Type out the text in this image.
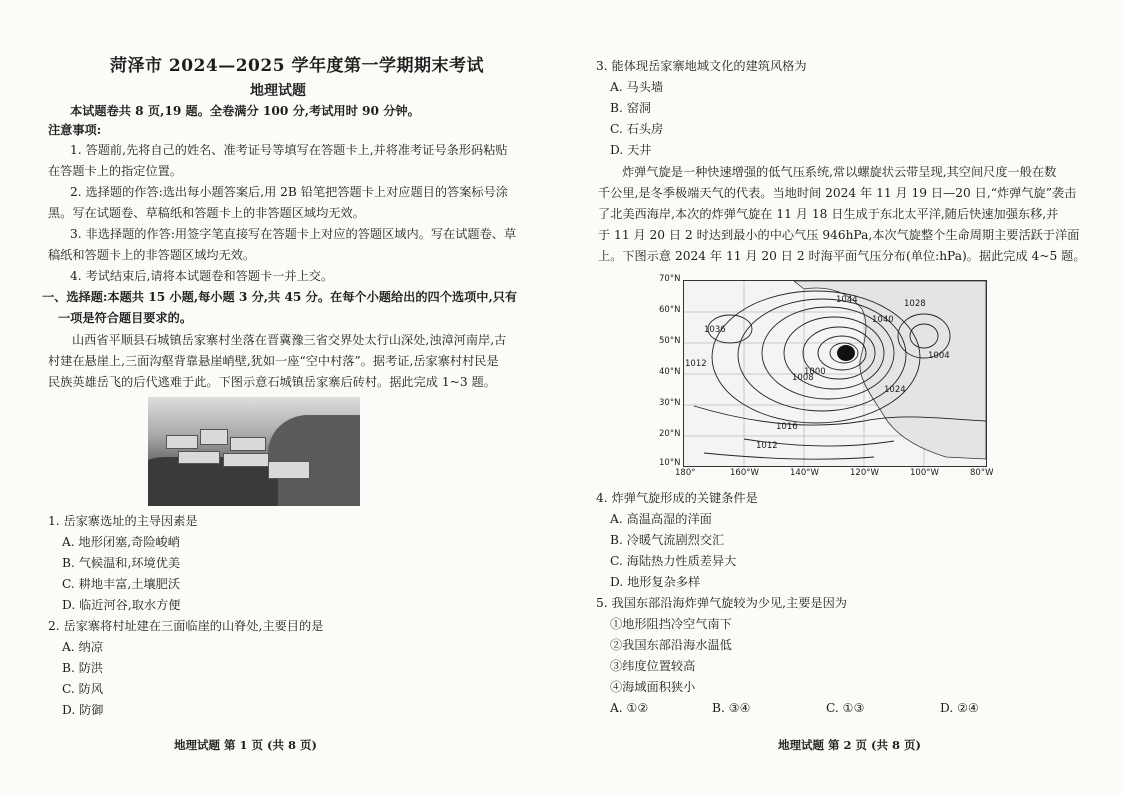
菏泽市 2024—2025 学年度第一学期期末考试
地理试题
本试题卷共 8 页,19 题。全卷满分 100 分,考试用时 90 分钟。
注意事项:
1. 答题前,先将自己的姓名、准考证号等填写在答题卡上,并将准考证号条形码粘贴
在答题卡上的指定位置。
2. 选择题的作答:选出每小题答案后,用 2B 铅笔把答题卡上对应题目的答案标号涂
黑。写在试题卷、草稿纸和答题卡上的非答题区域均无效。
3. 非选择题的作答:用签字笔直接写在答题卡上对应的答题区域内。写在试题卷、草
稿纸和答题卡上的非答题区域均无效。
4. 考试结束后,请将本试题卷和答题卡一并上交。
一、选择题:本题共 15 小题,每小题 3 分,共 45 分。在每个小题给出的四个选项中,只有
一项是符合题目要求的。
山西省平顺县石城镇岳家寨村坐落在晋冀豫三省交界处太行山深处,浊漳河南岸,古
村建在悬崖上,三面沟壑背靠悬崖峭壁,犹如一座“空中村落”。据考证,岳家寨村村民是
民族英雄岳飞的后代逃难于此。下图示意石城镇岳家寨后砖村。据此完成 1~3 题。
1. 岳家寨选址的主导因素是
A. 地形闭塞,奇险峻峭
B. 气候温和,环境优美
C. 耕地丰富,土壤肥沃
D. 临近河谷,取水方便
2. 岳家寨将村址建在三面临崖的山脊处,主要目的是
A. 纳凉
B. 防洪
C. 防风
D. 防御
地理试题 第 1 页 (共 8 页)
3. 能体现岳家寨地域文化的建筑风格为
A. 马头墙
B. 窑洞
C. 石头房
D. 天井
炸弹气旋是一种快速增强的低气压系统,常以螺旋状云带呈现,其空间尺度一般在数
千公里,是冬季极端天气的代表。当地时间 2024 年 11 月 19 日—20 日,“炸弹气旋”袭击
了北美西海岸,本次的炸弹气旋在 11 月 18 日生成于东北太平洋,随后快速加强东移,并
于 11 月 20 日 2 时达到最小的中心气压 946hPa,本次气旋整个生命周期主要活跃于洋面
上。下图示意 2024 年 11 月 20 日 2 时海平面气压分布(单位:hPa)。据此完成 4~5 题。
4. 炸弹气旋形成的关键条件是
A. 高温高湿的洋面
B. 冷暖气流剧烈交汇
C. 海陆热力性质差异大
D. 地形复杂多样
5. 我国东部沿海炸弹气旋较为少见,主要是因为
①地形阻挡冷空气南下
②我国东部沿海水温低
③纬度位置较高
④海域面积狭小
A. ①②	B. ③④	C. ①③	D. ②④
地理试题 第 2 页 (共 8 页)
70°N
60°N
50°N
40°N
30°N
20°N
10°N
1036
1012
1016
1012
1000
1008
1028
1044
1040
1004
1024
180°	160°W	140°W	120°W	100°W	80°W
